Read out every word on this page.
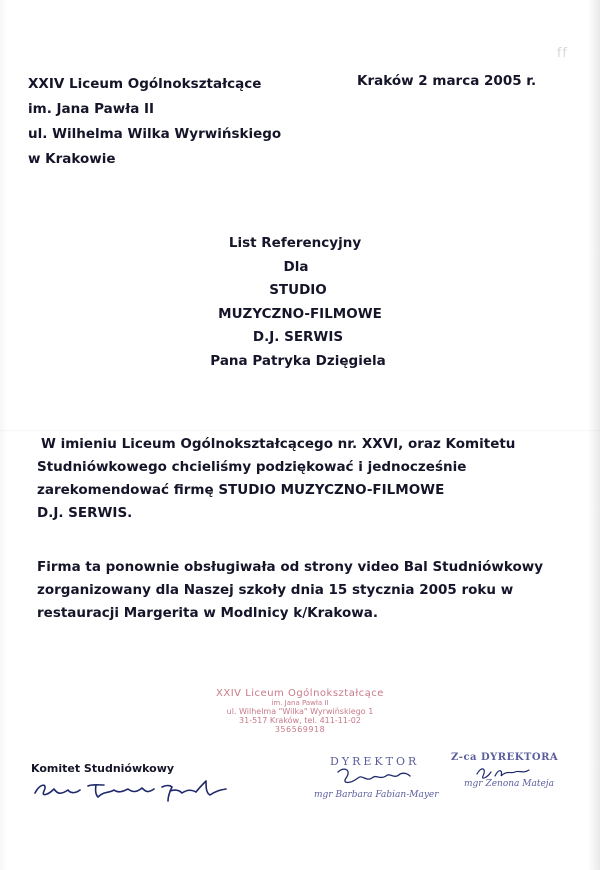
ff
XXIV Liceum Ogólnokształcące
im. Jana Pawła II
ul. Wilhelma Wilka Wyrwińskiego
w Krakowie
Kraków 2 marca 2005 r.
List Referencyjny
Dla
STUDIO
MUZYCZNO-FILMOWE
D.J. SERWIS
Pana Patryka Dzięgiela
W imieniu Liceum Ogólnokształcącego nr. XXVI, oraz Komitetu
Studniówkowego chcieliśmy podziękować i jednocześnie
zarekomendować firmę STUDIO MUZYCZNO-FILMOWE
D.J. SERWIS.
Firma ta ponownie obsługiwała od strony video Bal Studniówkowy
zorganizowany dla Naszej szkoły dnia 15 stycznia 2005 roku w
restauracji Margerita w Modlnicy k/Krakowa.
XXIV Liceum Ogólnokształcące
im. Jana Pawła II
ul. Wilhelma "Wilka" Wyrwińskiego 1
31-517 Kraków, tel. 411-11-02
356569918
Komitet Studniówkowy
DYREKTOR
mgr Barbara Fabian-Mayer
Z-ca DYREKTORA
mgr Zenona Mateja
